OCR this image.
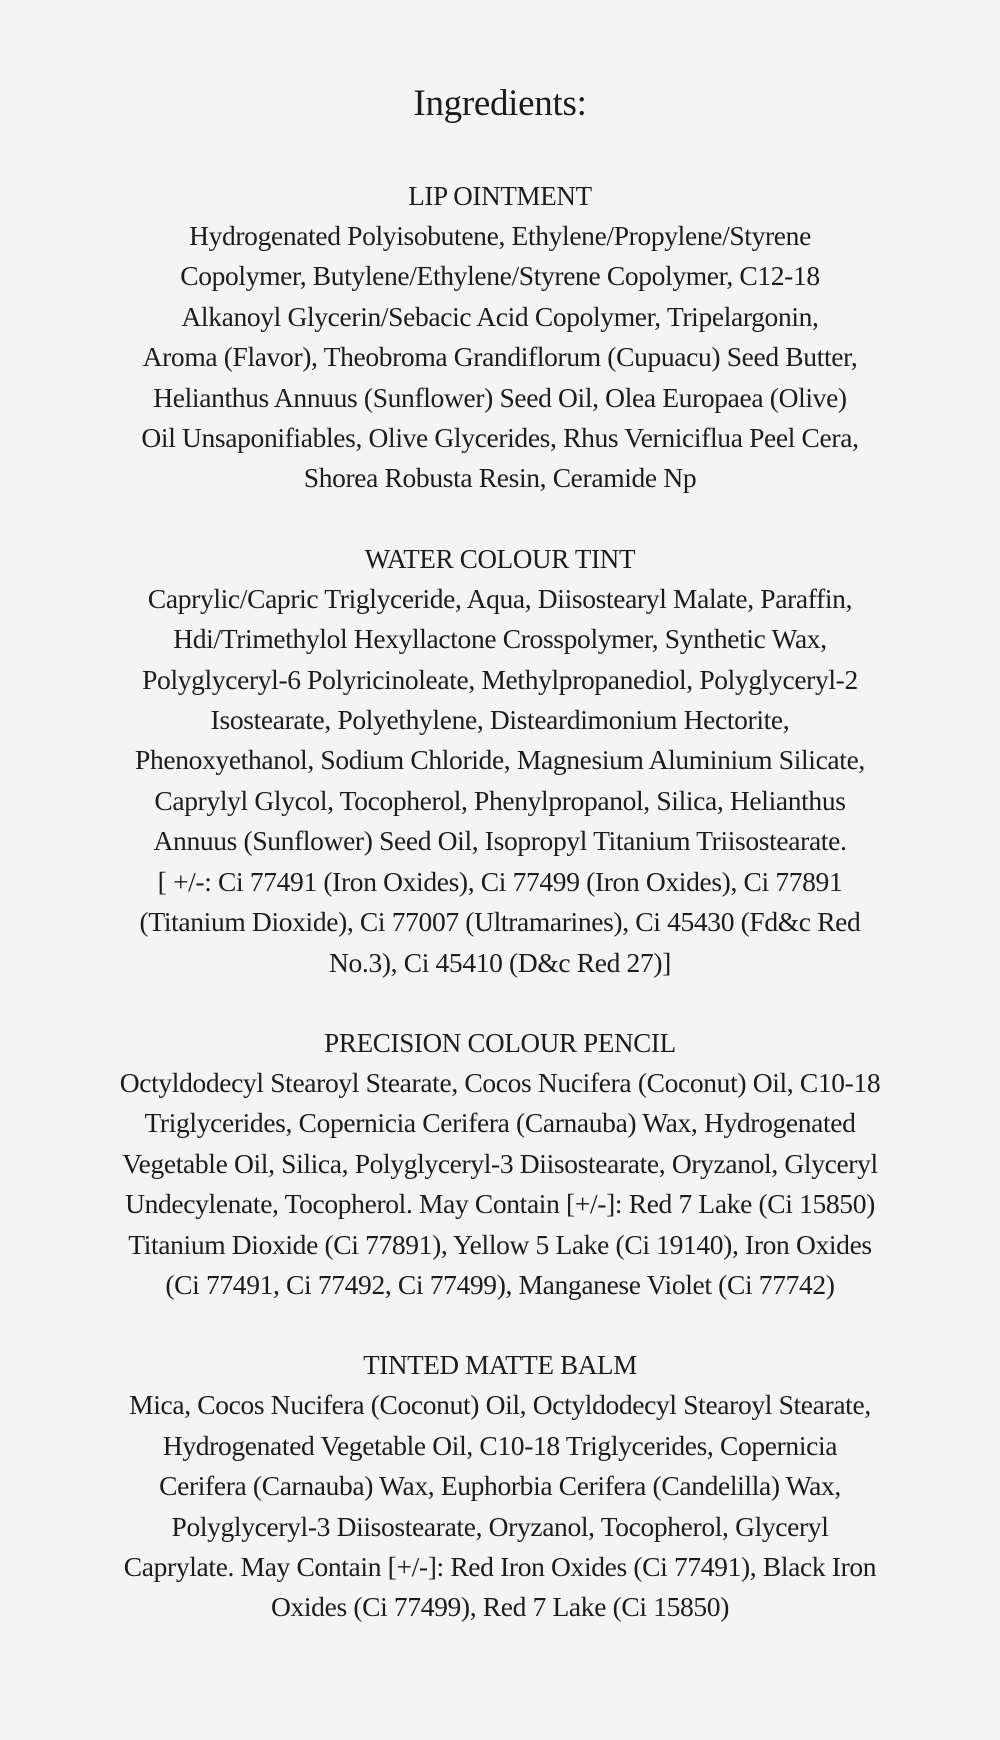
Ingredients:
LIP OINTMENT
Hydrogenated Polyisobutene, Ethylene/Propylene/Styrene
Copolymer, Butylene/Ethylene/Styrene Copolymer, C12-18
Alkanoyl Glycerin/Sebacic Acid Copolymer, Tripelargonin,
Aroma (Flavor), Theobroma Grandiflorum (Cupuacu) Seed Butter,
Helianthus Annuus (Sunflower) Seed Oil, Olea Europaea (Olive)
Oil Unsaponifiables, Olive Glycerides, Rhus Verniciflua Peel Cera,
Shorea Robusta Resin, Ceramide Np
WATER COLOUR TINT
Caprylic/Capric Triglyceride, Aqua, Diisostearyl Malate, Paraffin,
Hdi/Trimethylol Hexyllactone Crosspolymer, Synthetic Wax,
Polyglyceryl-6 Polyricinoleate, Methylpropanediol, Polyglyceryl-2
Isostearate, Polyethylene, Disteardimonium Hectorite,
Phenoxyethanol, Sodium Chloride, Magnesium Aluminium Silicate,
Caprylyl Glycol, Tocopherol, Phenylpropanol, Silica, Helianthus
Annuus (Sunflower) Seed Oil, Isopropyl Titanium Triisostearate.
[ +/-: Ci 77491 (Iron Oxides), Ci 77499 (Iron Oxides), Ci 77891
(Titanium Dioxide), Ci 77007 (Ultramarines), Ci 45430 (Fd&c Red
No.3), Ci 45410 (D&c Red 27)]
PRECISION COLOUR PENCIL
Octyldodecyl Stearoyl Stearate, Cocos Nucifera (Coconut) Oil, C10-18
Triglycerides, Copernicia Cerifera (Carnauba) Wax, Hydrogenated
Vegetable Oil, Silica, Polyglyceryl-3 Diisostearate, Oryzanol, Glyceryl
Undecylenate, Tocopherol. May Contain [+/-]: Red 7 Lake (Ci 15850)
Titanium Dioxide (Ci 77891), Yellow 5 Lake (Ci 19140), Iron Oxides
(Ci 77491, Ci 77492, Ci 77499), Manganese Violet (Ci 77742)
TINTED MATTE BALM
Mica, Cocos Nucifera (Coconut) Oil, Octyldodecyl Stearoyl Stearate,
Hydrogenated Vegetable Oil, C10-18 Triglycerides, Copernicia
Cerifera (Carnauba) Wax, Euphorbia Cerifera (Candelilla) Wax,
Polyglyceryl-3 Diisostearate, Oryzanol, Tocopherol, Glyceryl
Caprylate. May Contain [+/-]: Red Iron Oxides (Ci 77491), Black Iron
Oxides (Ci 77499), Red 7 Lake (Ci 15850)
